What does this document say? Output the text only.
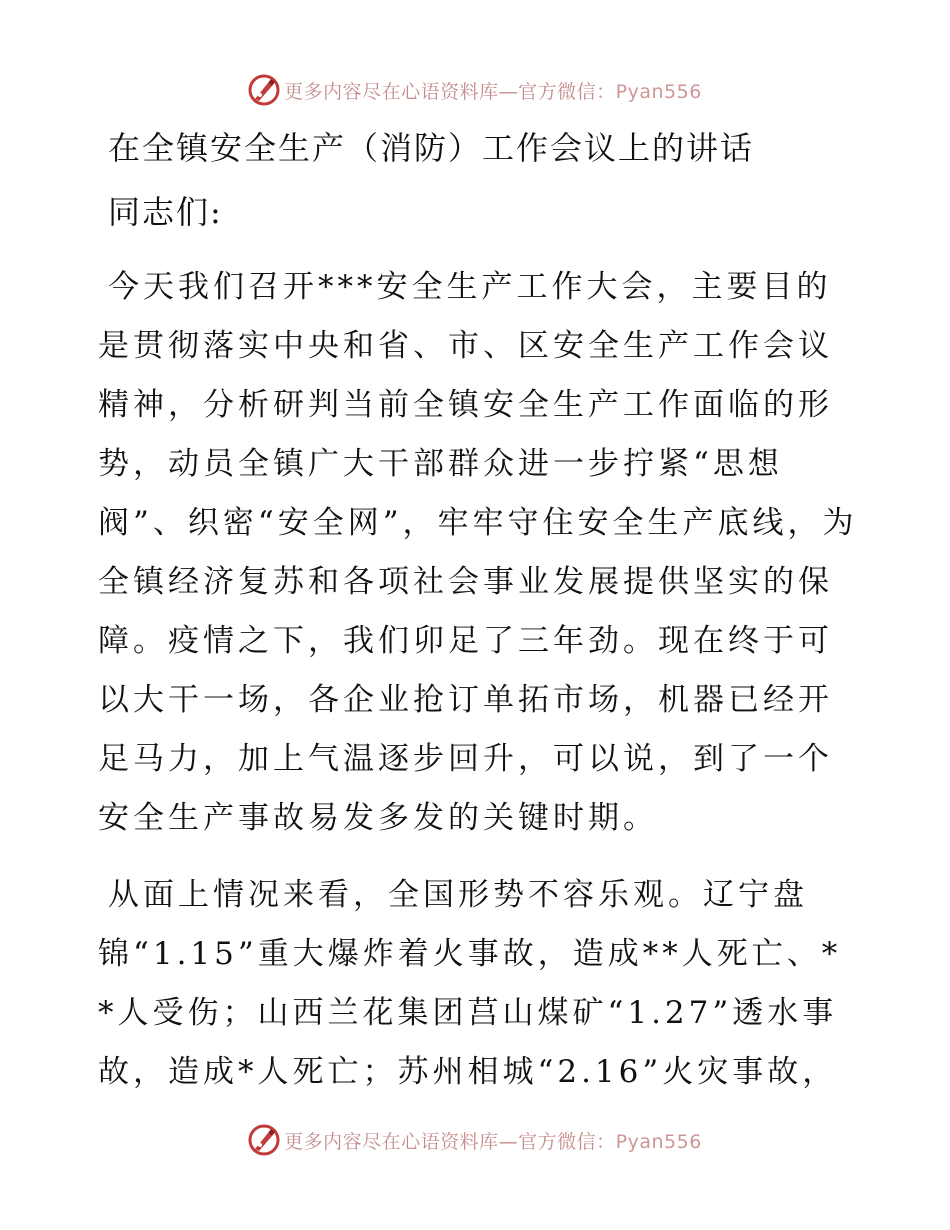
更多内容尽在心语资料库—官方微信：Pyan556
在全镇安全生产（消防）工作会议上的讲话
同志们:

今天我们召开***安全生产工作大会，主要目的是贯彻落实中央和省、市、区安全生产工作会议精神，分析研判当前全镇安全生产工作面临的形势，动员全镇广大干部群众进一步拧紧“思想阀”、织密“安全网”，牢牢守住安全生产底线，为全镇经济复苏和各项社会事业发展提供坚实的保障。疫情之下，我们卯足了三年劲。现在终于可以大干一场，各企业抢订单拓市场，机器已经开足马力，加上气温逐步回升，可以说，到了一个安全生产事故易发多发的关键时期。

从面上情况来看，全国形势不容乐观。辽宁盘锦“1.15”重大爆炸着火事故，造成**人死亡、**人受伤；山西兰花集团莒山煤矿“1.27”透水事故，造成*人死亡；苏州相城“2.16”火灾事故，

更多内容尽在心语资料库—官方微信：Pyan556
